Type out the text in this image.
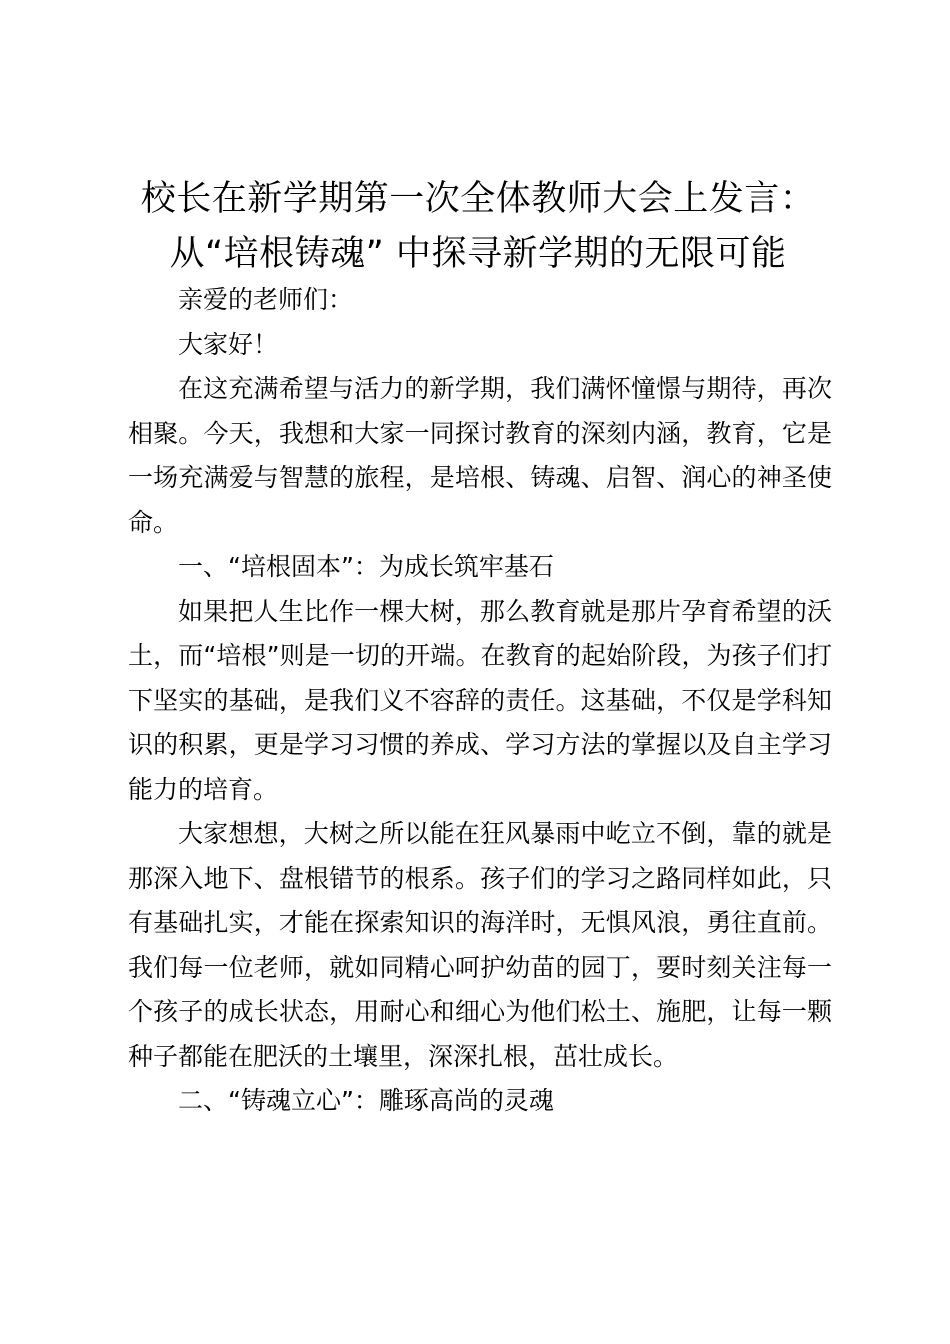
校长在新学期第一次全体教师大会上发言：从“培根铸魂” 中探寻新学期的无限可能

亲爱的老师们：

大家好！

在这充满希望与活力的新学期，我们满怀憧憬与期待，再次相聚。今天，我想和大家一同探讨教育的深刻内涵，教育，它是一场充满爱与智慧的旅程，是培根、铸魂、启智、润心的神圣使命。

一、“培根固本”：为成长筑牢基石

如果把人生比作一棵大树，那么教育就是那片孕育希望的沃土，而“培根”则是一切的开端。在教育的起始阶段，为孩子们打下坚实的基础，是我们义不容辞的责任。这基础，不仅是学科知识的积累，更是学习习惯的养成、学习方法的掌握以及自主学习能力的培育。

大家想想，大树之所以能在狂风暴雨中屹立不倒，靠的就是那深入地下、盘根错节的根系。孩子们的学习之路同样如此，只有基础扎实，才能在探索知识的海洋时，无惧风浪，勇往直前。我们每一位老师，就如同精心呵护幼苗的园丁，要时刻关注每一个孩子的成长状态，用耐心和细心为他们松土、施肥，让每一颗种子都能在肥沃的土壤里，深深扎根，茁壮成长。

二、“铸魂立心”：雕琢高尚的灵魂
